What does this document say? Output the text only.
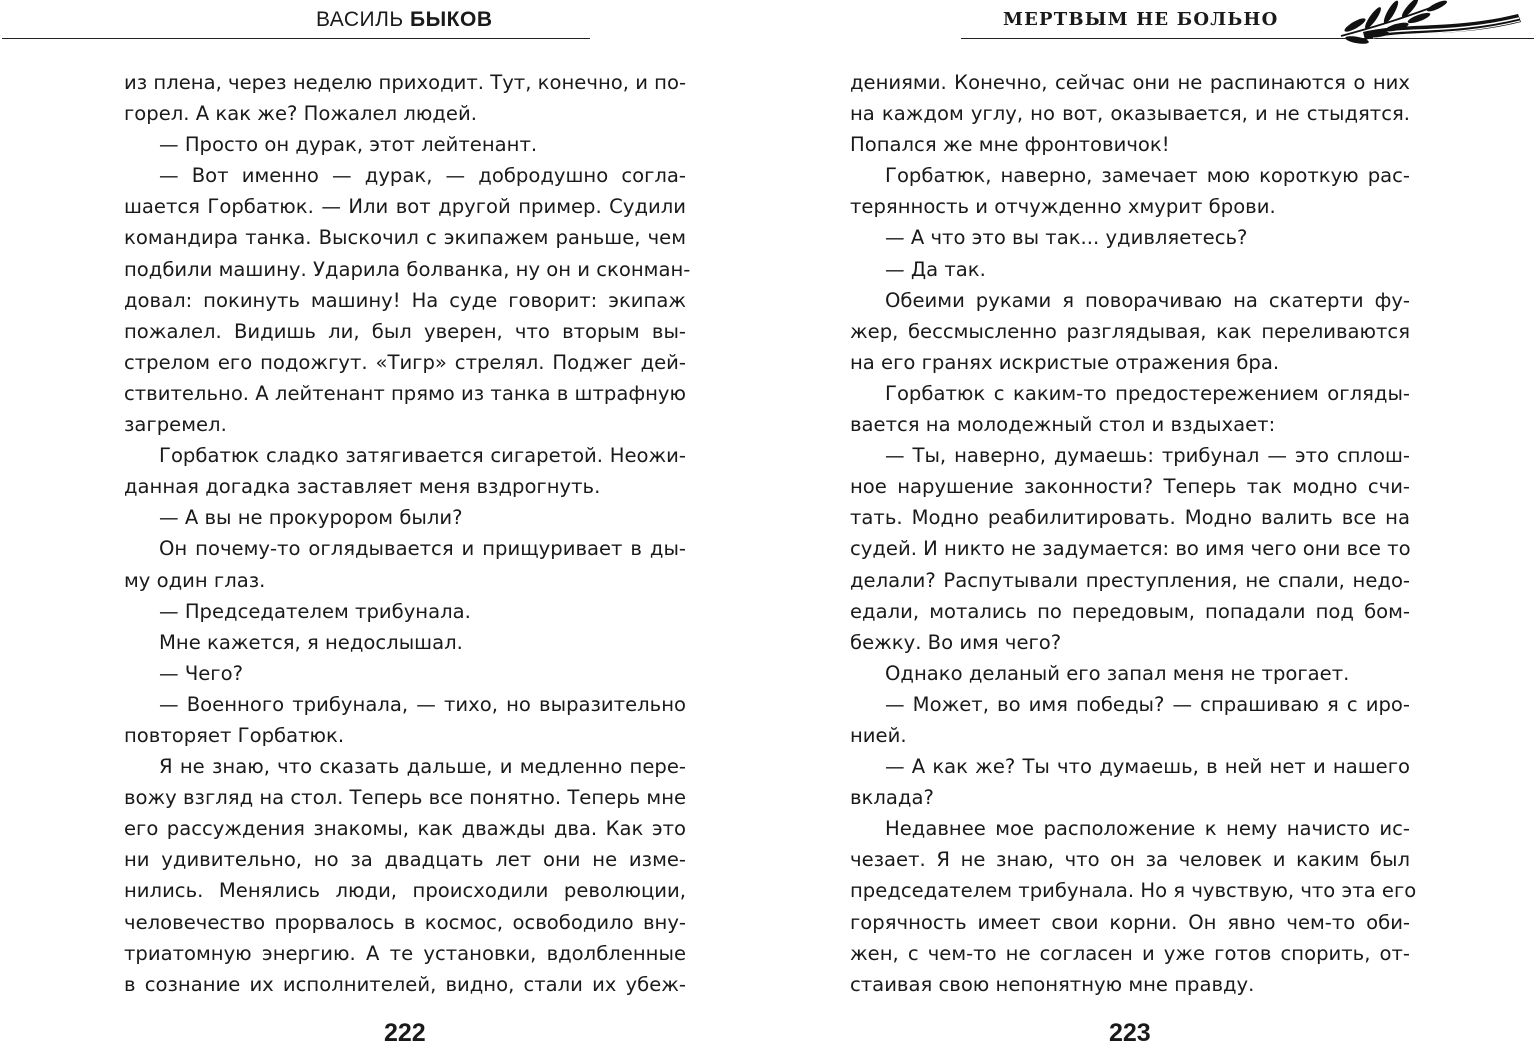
ВАСИЛЬ БЫКОВ
из плена, через неделю приходит. Тут, конечно, и по-
горел. А как же? Пожалел людей.
— Просто он дурак, этот лейтенант.
— Вот именно — дурак, — добродушно согла-
шается Горбатюк. — Или вот другой пример. Судили
командира танка. Выскочил с экипажем раньше, чем
подбили машину. Ударила болванка, ну он и сконман-
довал: покинуть машину! На суде говорит: экипаж
пожалел. Видишь ли, был уверен, что вторым вы-
стрелом его подожгут. «Тигр» стрелял. Поджег дей-
ствительно. А лейтенант прямо из танка в штрафную
загремел.
Горбатюк сладко затягивается сигаретой. Неожи-
данная догадка заставляет меня вздрогнуть.
— А вы не прокурором были?
Он почему-то оглядывается и прищуривает в ды-
му один глаз.
— Председателем трибунала.
Мне кажется, я недослышал.
— Чего?
— Военного трибунала, — тихо, но выразительно
повторяет Горбатюк.
Я не знаю, что сказать дальше, и медленно пере-
вожу взгляд на стол. Теперь все понятно. Теперь мне
его рассуждения знакомы, как дважды два. Как это
ни удивительно, но за двадцать лет они не изме-
нились. Менялись люди, происходили революции,
человечество прорвалось в космос, освободило вну-
триатомную энергию. А те установки, вдолбленные
в сознание их исполнителей, видно, стали их убеж-
222
МЕРТВЫМ НЕ БОЛЬНО
дениями. Конечно, сейчас они не распинаются о них
на каждом углу, но вот, оказывается, и не стыдятся.
Попался же мне фронтовичок!
Горбатюк, наверно, замечает мою короткую рас-
терянность и отчужденно хмурит брови.
— А что это вы так... удивляетесь?
— Да так.
Обеими руками я поворачиваю на скатерти фу-
жер, бессмысленно разглядывая, как переливаются
на его гранях искристые отражения бра.
Горбатюк с каким-то предостережением огляды-
вается на молодежный стол и вздыхает:
— Ты, наверно, думаешь: трибунал — это сплош-
ное нарушение законности? Теперь так модно счи-
тать. Модно реабилитировать. Модно валить все на
судей. И никто не задумается: во имя чего они все то
делали? Распутывали преступления, не спали, недо-
едали, мотались по передовым, попадали под бом-
бежку. Во имя чего?
Однако деланый его запал меня не трогает.
— Может, во имя победы? — спрашиваю я с иро-
нией.
— А как же? Ты что думаешь, в ней нет и нашего
вклада?
Недавнее мое расположение к нему начисто ис-
чезает. Я не знаю, что он за человек и каким был
председателем трибунала. Но я чувствую, что эта его
горячность имеет свои корни. Он явно чем-то оби-
жен, с чем-то не согласен и уже готов спорить, от-
стаивая свою непонятную мне правду.
223
